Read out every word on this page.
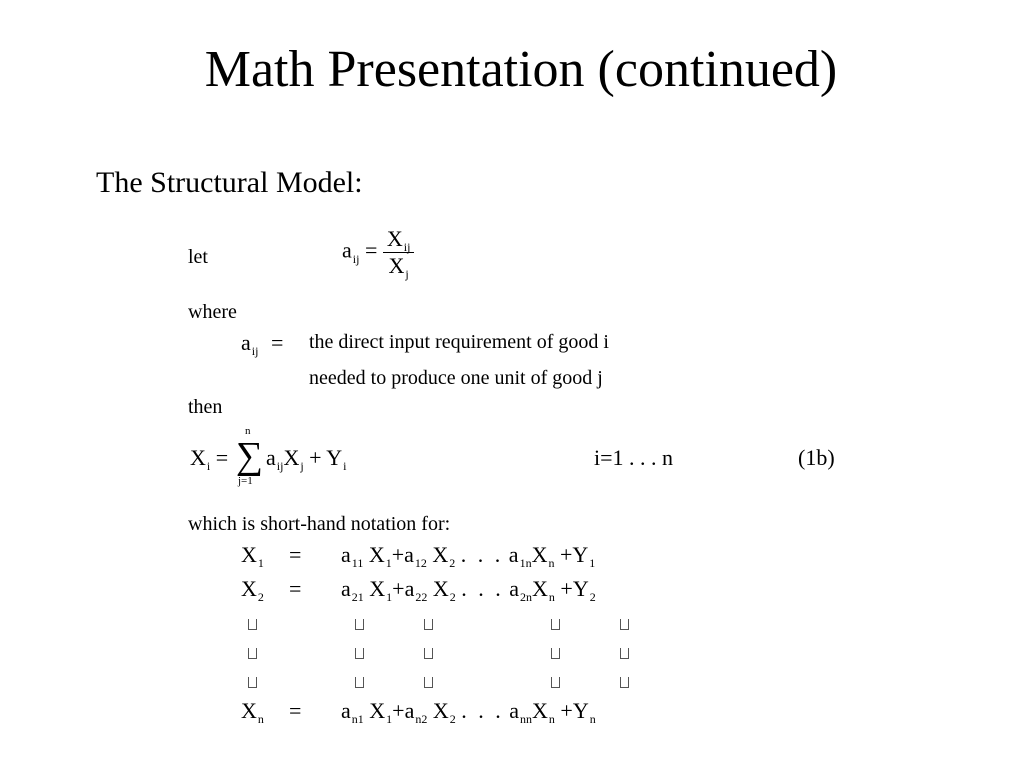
Math Presentation (continued)
The Structural Model:
let	$a_{ij} = \frac{X_{ij}}{X_j}$
where
$a_{ij}$ = the direct input requirement of good i
needed to produce one unit of good j
then
$X_i$ =
n
∑
j=1
$a_{ij}X_j + Y_i$	i=1 . . . n	(1b)
which is short-hand notation for:
$X_1 = a_{11}$ $X_1+a_{12}$ $X_2$ . . . $a_{1n}X_n +Y_1$
$X_2 = a_{21}$ $X_1+a_{22}$ $X_2$ . . . $a_{2n}X_n +Y_2$
$X_n = a_{n1}$ $X_1+a_{n2}$ $X_2$ . . . $a_{nn}X_n +Y_n$
